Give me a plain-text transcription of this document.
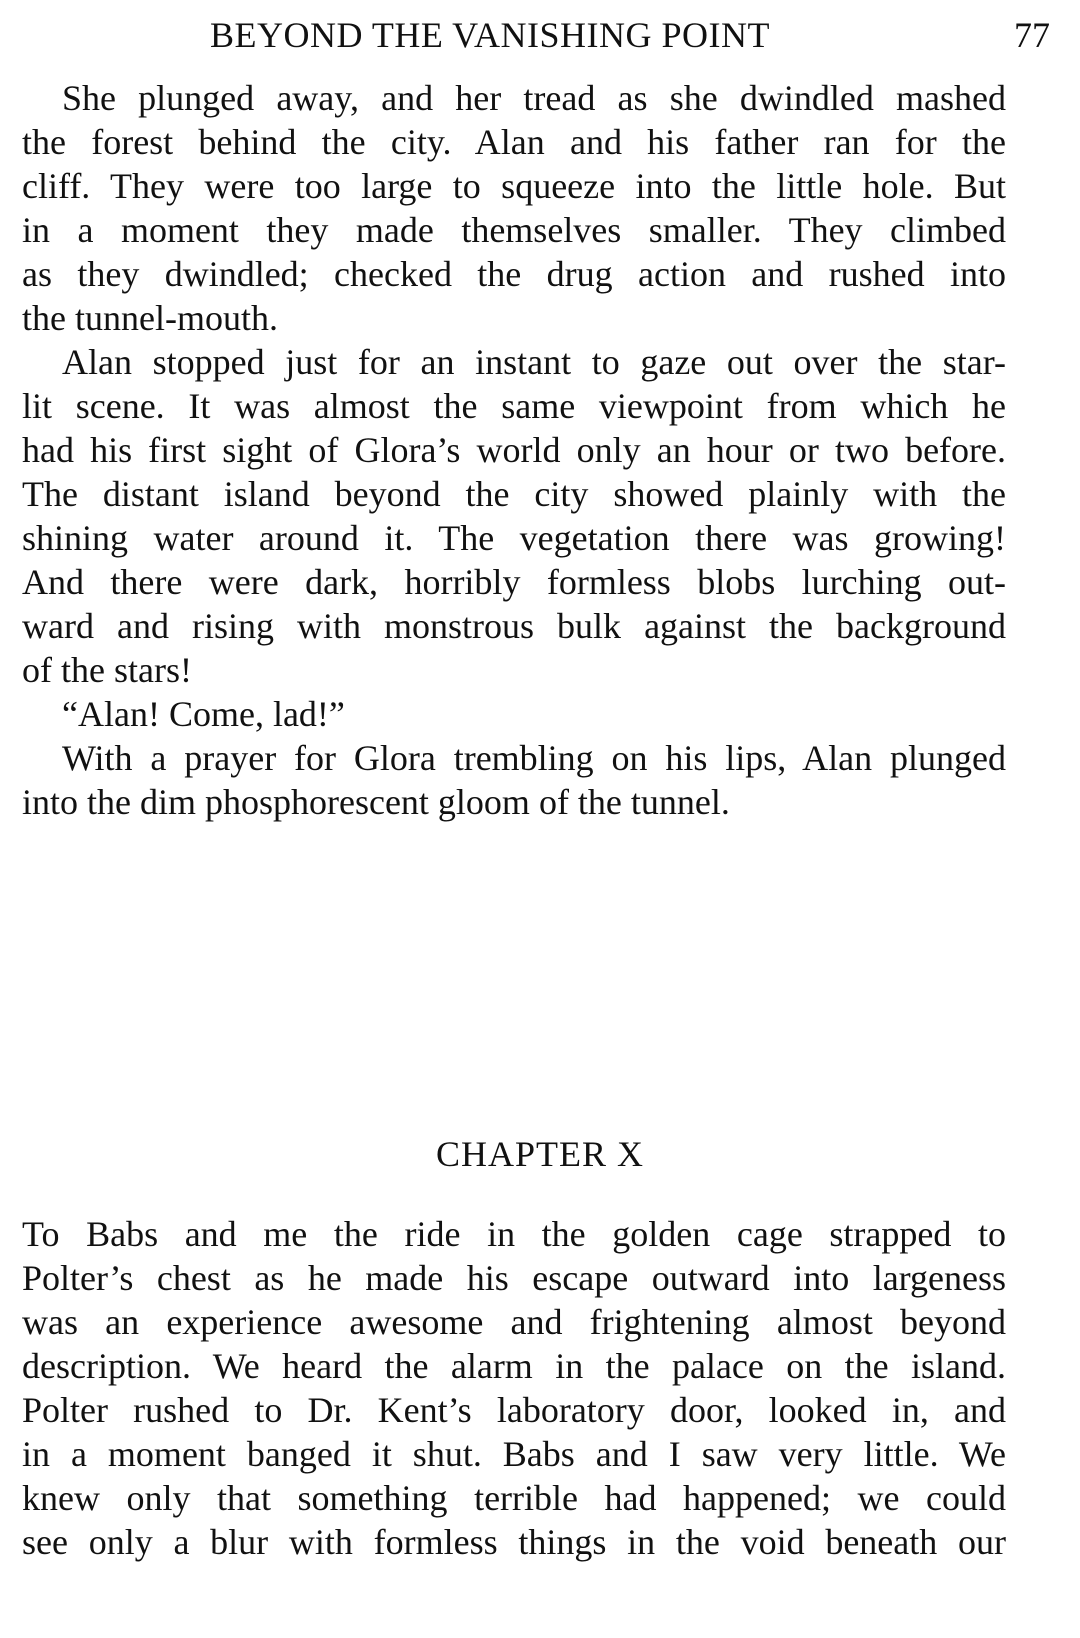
BEYOND THE VANISHING POINT	77
She plunged away, and her tread as she dwindled mashed
the forest behind the city. Alan and his father ran for the
cliff. They were too large to squeeze into the little hole. But
in a moment they made themselves smaller. They climbed
as they dwindled; checked the drug action and rushed into
the tunnel-mouth.
Alan stopped just for an instant to gaze out over the star-
lit scene. It was almost the same viewpoint from which he
had his first sight of Glora’s world only an hour or two before.
The distant island beyond the city showed plainly with the
shining water around it. The vegetation there was growing!
And there were dark, horribly formless blobs lurching out-
ward and rising with monstrous bulk against the background
of the stars!
“Alan! Come, lad!”
With a prayer for Glora trembling on his lips, Alan plunged
into the dim phosphorescent gloom of the tunnel.
CHAPTER X
To Babs and me the ride in the golden cage strapped to
Polter’s chest as he made his escape outward into largeness
was an experience awesome and frightening almost beyond
description. We heard the alarm in the palace on the island.
Polter rushed to Dr. Kent’s laboratory door, looked in, and
in a moment banged it shut. Babs and I saw very little. We
knew only that something terrible had happened; we could
see only a blur with formless things in the void beneath our
